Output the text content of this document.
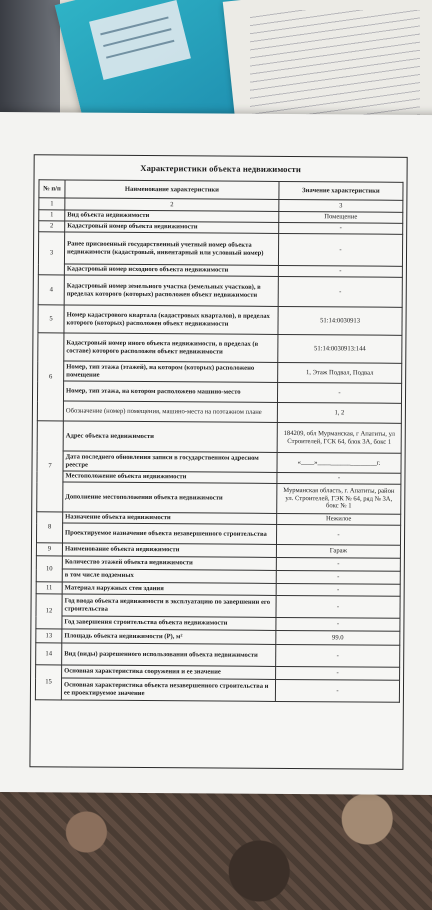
Характеристики объекта недвижимости
№ п/п	Наименование характеристики	Значение характеристики
1	2	3
1	Вид объекта недвижимости	Помещение
2	Кадастровый номер объекта недвижимости	-
3	Ранее присвоенный государственный учетный номер объекта недвижимости (кадастровый, инвентарный или условный номер)	-
	Кадастровый номер исходного объекта недвижимости	-
4	Кадастровый номер земельного участка (земельных участков), в пределах которого (которых) расположен объект недвижимости	-
5	Номер кадастрового квартала (кадастровых кварталов), в пределах которого (которых) расположен объект недвижимости	51:14:0030913
6	Кадастровый номер иного объекта недвижимости, в пределах (в составе) которого расположен объект недвижимости	51:14:0030913:144
	Номер, тип этажа (этажей), на котором (которых) расположено помещение	1, Этаж Подвал, Подвал
	Номер, тип этажа, на котором расположено машино-место	-
	Обозначение (номер) помещения, машино-места на поэтажном плане	1, 2
7	Адрес объекта недвижимости	184209, обл Мурманская, г Апатиты, ул Строителей, ГСК 64, блок 3А, бокс 1
	Дата последнего обновления записи в государственном адресном реестре	«____»__________________г.
	Местоположение объекта недвижимости	-
	Дополнение местоположения объекта недвижимости	Мурманская область, г. Апатиты, район ул. Строителей, ГЭК № 64, ряд № 3А, бокс № 1
8	Назначение объекта недвижимости	Нежилое
	Проектируемое назначение объекта незавершенного строительства	-
9	Наименование объекта недвижимости	Гараж
10	Количество этажей объекта недвижимости	-
	в том числе подземных	-
11	Материал наружных стен здания	-
12	Год ввода объекта недвижимости в эксплуатацию по завершении его строительства	-
	Год завершения строительства объекта недвижимости	-
13	Площадь объекта недвижимости (Р), м²	99.0
14	Вид (виды) разрешенного использования объекта недвижимости	-
15	Основная характеристика сооружения и ее значение	-
	Основная характеристика объекта незавершенного строительства и ее проектируемое значение	-
